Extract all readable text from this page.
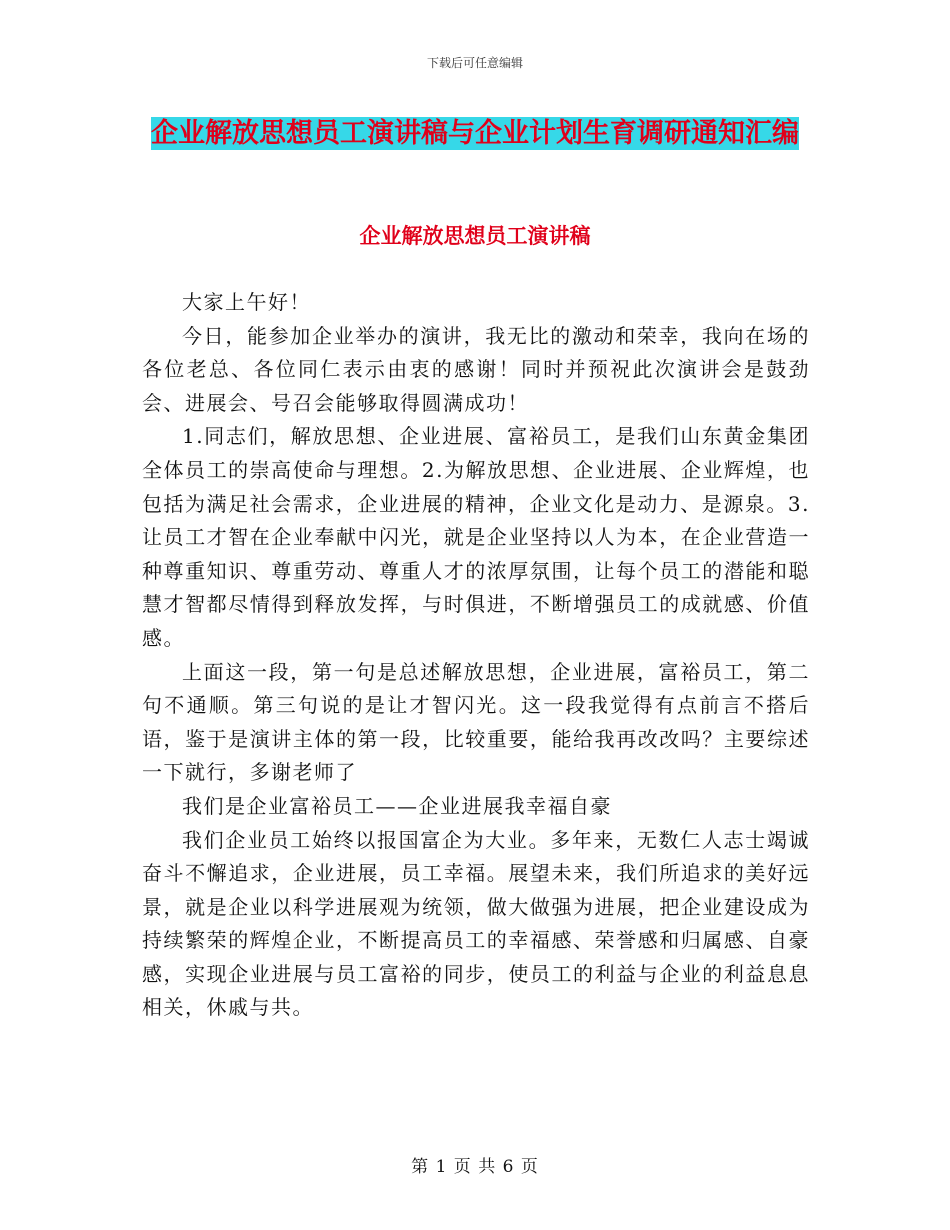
下载后可任意编辑
企业解放思想员工演讲稿与企业计划生育调研通知汇编
企业解放思想员工演讲稿

大家上午好！

今日，能参加企业举办的演讲，我无比的激动和荣幸，我向在场的各位老总、各位同仁表示由衷的感谢！同时并预祝此次演讲会是鼓劲会、进展会、号召会能够取得圆满成功！

1.同志们，解放思想、企业进展、富裕员工，是我们山东黄金集团全体员工的崇高使命与理想。2.为解放思想、企业进展、企业辉煌，也包括为满足社会需求，企业进展的精神，企业文化是动力、是源泉。3.让员工才智在企业奉献中闪光，就是企业坚持以人为本，在企业营造一种尊重知识、尊重劳动、尊重人才的浓厚氛围，让每个员工的潜能和聪慧才智都尽情得到释放发挥，与时俱进，不断增强员工的成就感、价值感。

上面这一段，第一句是总述解放思想，企业进展，富裕员工，第二句不通顺。第三句说的是让才智闪光。这一段我觉得有点前言不搭后语，鉴于是演讲主体的第一段，比较重要，能给我再改改吗？主要综述一下就行，多谢老师了

我们是企业富裕员工——企业进展我幸福自豪

我们企业员工始终以报国富企为大业。多年来，无数仁人志士竭诚奋斗不懈追求，企业进展，员工幸福。展望未来，我们所追求的美好远景，就是企业以科学进展观为统领，做大做强为进展，把企业建设成为持续繁荣的辉煌企业，不断提高员工的幸福感、荣誉感和归属感、自豪感，实现企业进展与员工富裕的同步，使员工的利益与企业的利益息息相关，休戚与共。

第 1 页 共 6 页
